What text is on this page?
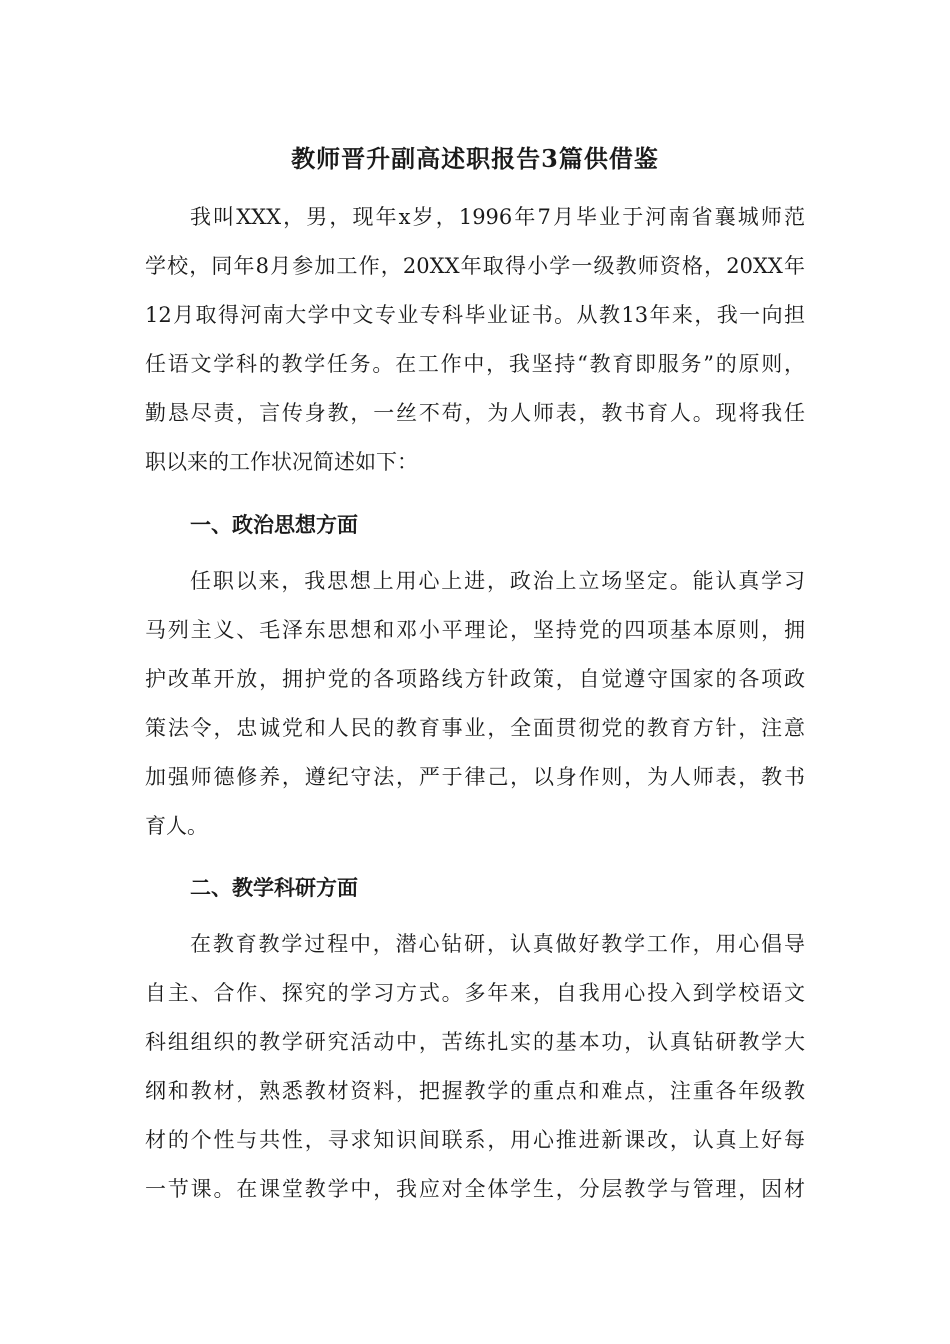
教师晋升副高述职报告3篇供借鉴
我叫XXX，男，现年x岁，1996年7月毕业于河南省襄城师范
学校，同年8月参加工作，20XX年取得小学一级教师资格，20XX年
12月取得河南大学中文专业专科毕业证书。从教13年来，我一向担
任语文学科的教学任务。在工作中，我坚持“教育即服务”的原则，
勤恳尽责，言传身教，一丝不苟，为人师表，教书育人。现将我任
职以来的工作状况简述如下：
一、政治思想方面
任职以来，我思想上用心上进，政治上立场坚定。能认真学习
马列主义、毛泽东思想和邓小平理论，坚持党的四项基本原则，拥
护改革开放，拥护党的各项路线方针政策，自觉遵守国家的各项政
策法令，忠诚党和人民的教育事业，全面贯彻党的教育方针，注意
加强师德修养，遵纪守法，严于律己，以身作则，为人师表，教书
育人。
二、教学科研方面
在教育教学过程中，潜心钻研，认真做好教学工作，用心倡导
自主、合作、探究的学习方式。多年来，自我用心投入到学校语文
科组组织的教学研究活动中，苦练扎实的基本功，认真钻研教学大
纲和教材，熟悉教材资料，把握教学的重点和难点，注重各年级教
材的个性与共性，寻求知识间联系，用心推进新课改，认真上好每
一节课。在课堂教学中，我应对全体学生，分层教学与管理，因材
